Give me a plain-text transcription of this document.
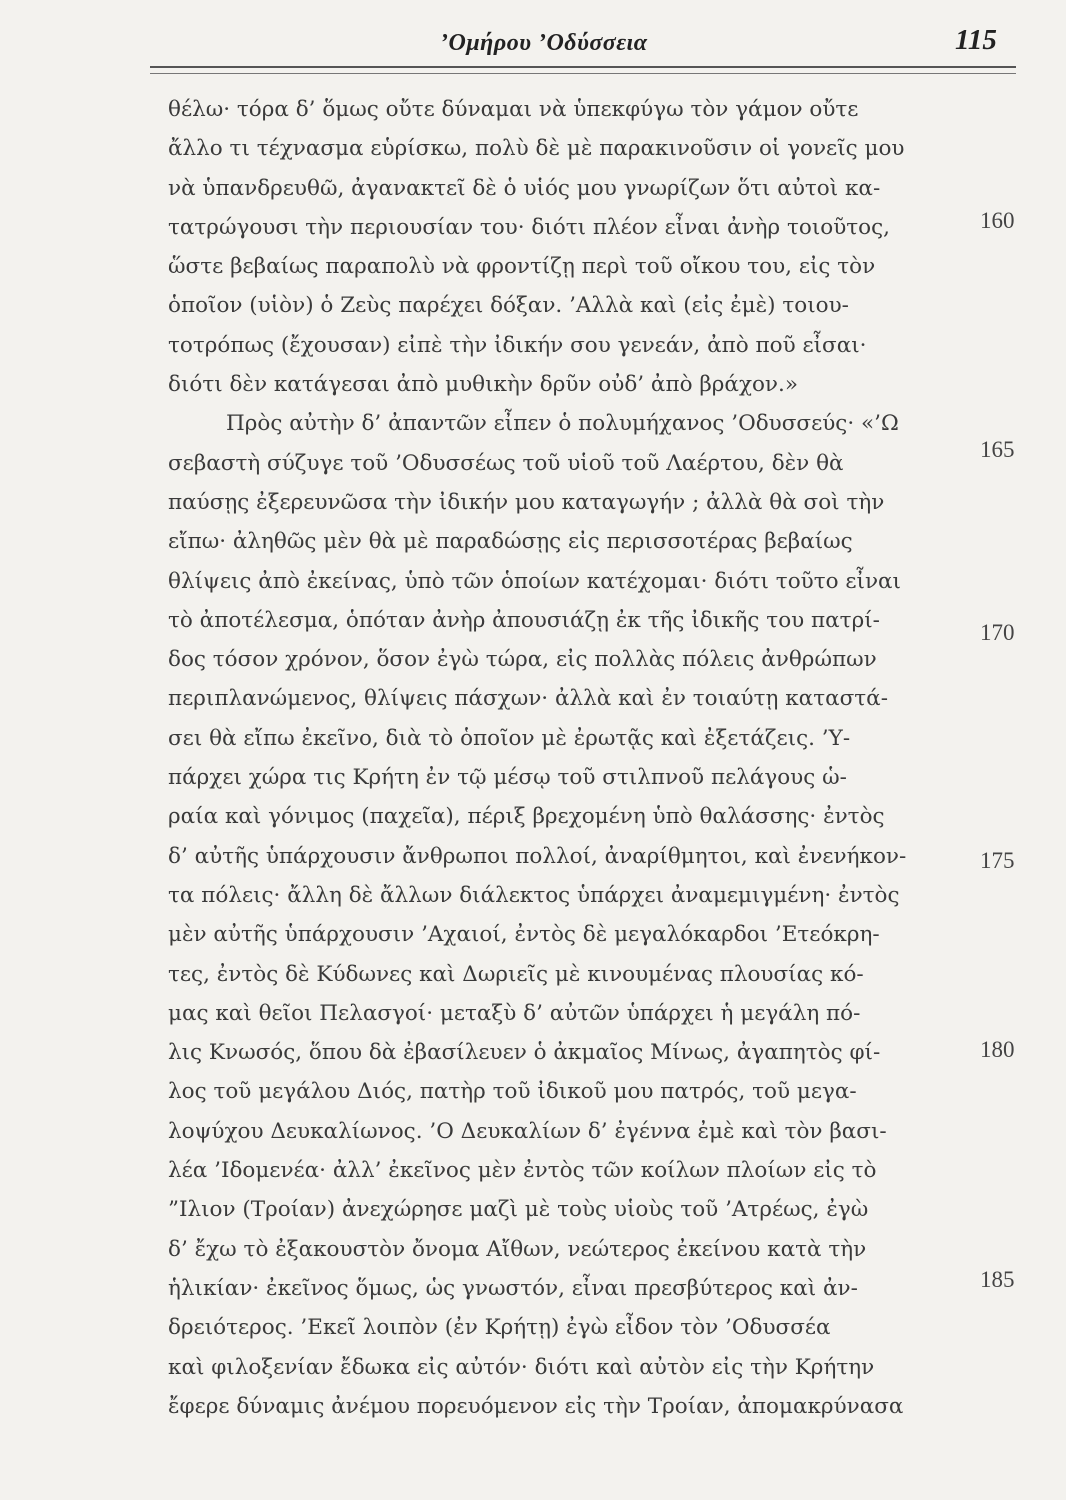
’Ομήρου ’Οδύσσεια	115
θέλω· τόρα δ’ ὅμως οὔτε δύναμαι νὰ ὑπεκφύγω τὸν γάμον οὔτε
ἄλλο τι τέχνασμα εὑρίσκω, πολὺ δὲ μὲ παρακινοῦσιν οἱ γονεῖς μου
νὰ ὑπανδρευθῶ, ἀγανακτεῖ δὲ ὁ υἱός μου γνωρίζων ὅτι αὐτοὶ κα-
τατρώγουσι τὴν περιουσίαν του· διότι πλέον εἶναι ἀνὴρ τοιοῦτος,
ὥστε βεβαίως παραπολὺ νὰ φροντίζῃ περὶ τοῦ οἴκου του, εἰς τὸν
ὁποῖον (υἱὸν) ὁ Ζεὺς παρέχει δόξαν. ’Αλλὰ καὶ (εἰς ἐμὲ) τοιου-
τοτρόπως (ἔχουσαν) εἰπὲ τὴν ἰδικήν σου γενεάν, ἀπὸ ποῦ εἶσαι·
διότι δὲν κατάγεσαι ἀπὸ μυθικὴν δρῦν οὐδ’ ἀπὸ βράχον.»
Πρὸς αὐτὴν δ’ ἀπαντῶν εἶπεν ὁ πολυμήχανος ’Οδυσσεύς· «’Ω
σεβαστὴ σύζυγε τοῦ ’Οδυσσέως τοῦ υἱοῦ τοῦ Λαέρτου, δὲν θὰ
παύσῃς ἐξερευνῶσα τὴν ἰδικήν μου καταγωγήν ; ἀλλὰ θὰ σοὶ τὴν
εἴπω· ἀληθῶς μὲν θὰ μὲ παραδώσῃς εἰς περισσοτέρας βεβαίως
θλίψεις ἀπὸ ἐκείνας, ὑπὸ τῶν ὁποίων κατέχομαι· διότι τοῦτο εἶναι
τὸ ἀποτέλεσμα, ὁπόταν ἀνὴρ ἀπουσιάζῃ ἐκ τῆς ἰδικῆς του πατρί-
δος τόσον χρόνον, ὅσον ἐγὼ τώρα, εἰς πολλὰς πόλεις ἀνθρώπων
περιπλανώμενος, θλίψεις πάσχων· ἀλλὰ καὶ ἐν τοιαύτῃ καταστά-
σει θὰ εἴπω ἐκεῖνο, διὰ τὸ ὁποῖον μὲ ἐρωτᾷς καὶ ἐξετάζεις. ’Υ-
πάρχει χώρα τις Κρήτη ἐν τῷ μέσῳ τοῦ στιλπνοῦ πελάγους ὡ-
ραία καὶ γόνιμος (παχεῖα), πέριξ βρεχομένη ὑπὸ θαλάσσης· ἐντὸς
δ’ αὐτῆς ὑπάρχουσιν ἄνθρωποι πολλοί, ἀναρίθμητοι, καὶ ἐνενήκον-
τα πόλεις· ἄλλη δὲ ἄλλων διάλεκτος ὑπάρχει ἀναμεμιγμένη· ἐντὸς
μὲν αὐτῆς ὑπάρχουσιν ’Αχαιοί, ἐντὸς δὲ μεγαλόκαρδοι ’Ετεόκρη-
τες, ἐντὸς δὲ Κύδωνες καὶ Δωριεῖς μὲ κινουμένας πλουσίας κό-
μας καὶ θεῖοι Πελασγοί· μεταξὺ δ’ αὐτῶν ὑπάρχει ἡ μεγάλη πό-
λις Κνωσός, ὅπου δὰ ἐβασίλευεν ὁ ἀκμαῖος Μίνως, ἀγαπητὸς φί-
λος τοῦ μεγάλου Διός, πατὴρ τοῦ ἰδικοῦ μου πατρός, τοῦ μεγα-
λοψύχου Δευκαλίωνος. ’Ο Δευκαλίων δ’ ἐγέννα ἐμὲ καὶ τὸν βασι-
λέα ’Ιδομενέα· ἀλλ’ ἐκεῖνος μὲν ἐντὸς τῶν κοίλων πλοίων εἰς τὸ
”Ιλιον (Τροίαν) ἀνεχώρησε μαζὶ μὲ τοὺς υἱοὺς τοῦ ’Ατρέως, ἐγὼ
δ’ ἔχω τὸ ἐξακουστὸν ὄνομα Αἴθων, νεώτερος ἐκείνου κατὰ τὴν
ἡλικίαν· ἐκεῖνος ὅμως, ὡς γνωστόν, εἶναι πρεσβύτερος καὶ ἀν-
δρειότερος. ’Εκεῖ λοιπὸν (ἐν Κρήτῃ) ἐγὼ εἶδον τὸν ’Οδυσσέα
καὶ φιλοξενίαν ἔδωκα εἰς αὐτόν· διότι καὶ αὐτὸν εἰς τὴν Κρήτην
ἔφερε δύναμις ἀνέμου πορευόμενον εἰς τὴν Τροίαν, ἀπομακρύνασα
160
165
170
175
180
185
